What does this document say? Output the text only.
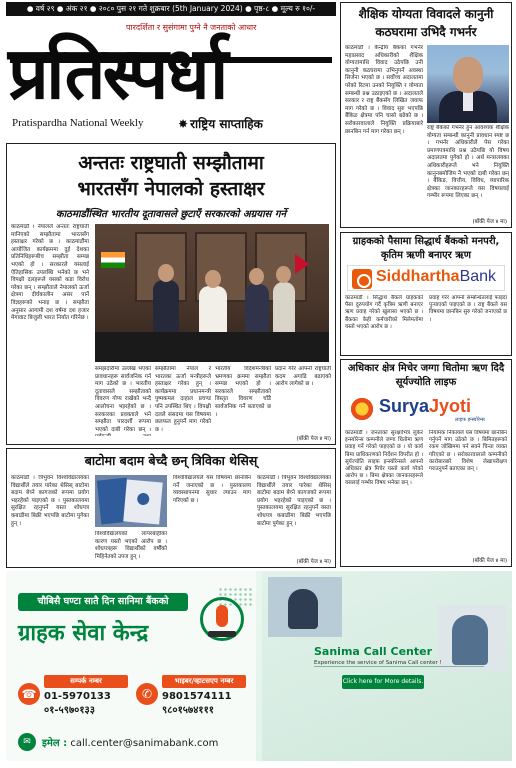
● वर्ष २९ ● अंक २१ ● २०८० पुस २१ गते शुक्रबार (5th January 2024) ● पृष्ठ-८ ● मूल्य रु १०/-
पारदर्शिता र सुसंगामा पुग्ने नै जनताको आधार
प्रतिस्पर्धा
Pratispardha National Weekly	✸ राष्ट्रिय साप्ताहिक
शैक्षिक योग्यता विवादले कानुनी कठघरामा उभिदै गभर्नर
काठमाडौं । केन्द्रीय बैंकका गभर्नर महाप्रसाद अधिकारीको शैक्षिक योग्यतामाथि विवाद उठेपछि उनी कानुनी कठघरामा उभिनुपर्ने अवस्था सिर्जना भएको छ । सर्वोच्च अदालतमा परेको रिटमा उनको नियुक्ति र योग्यता सम्बन्धी प्रश्न उठाइएको छ । अदालतले सरकार र राष्ट्र बैंकसँग लिखित जवाफ माग गरेको छ । विवाद सुरु भएपछि बैंकिङ क्षेत्रमा पनि चासो बढेको छ । सरोकारवालाले नियुक्ति प्रक्रियाबारे छानबिन गर्न माग गरेका छन् ।
राष्ट्र बैंकको गभर्नर हुन आवश्यक शैक्षिक योग्यता सम्बन्धी कानुनी प्रावधान स्पष्ट छ । गभर्नर अधिकारीले पेस गरेका प्रमाणपत्रमाथि प्रश्न उठेपछि यो विषय अदालतमा पुगेको हो । अर्थ मन्त्रालयका अधिकारीहरूले भने नियुक्ति कानुनबमोजिम नै भएको दाबी गरेका छन् । बैंकिङ, वित्तीय, विविध, व्यापारिक क्षेत्रका जानकारहरूले यस विषयलाई गम्भीर रूपमा लिएका छन् ।
(बाँकी पेज ४ मा)
अन्ततः राष्ट्रघाती सम्झौतामा
भारतसँग नेपालको हस्ताक्षर
काठमाडौंस्थित भारतीय दूतावासले छुटाएँ सरकारको अग्रयास गर्ने
काठमाडौं । नेपालले अन्ततः राष्ट्रघाती मानिएको सम्झौतामा भारतसँग हस्ताक्षर गरेको छ । काठमाडौंमा आयोजित कार्यक्रममा दुई देशका प्रतिनिधिहरूबीच सम्झौता सम्पन्न भएको हो । सरकारले यसलाई ऐतिहासिक उपलब्धि भनेको छ भने विपक्षी दलहरूले यसको कडा विरोध गरेका छन् । सम्झौताले नेपालको ऊर्जा क्षेत्रमा दीर्घकालीन असर पार्ने विज्ञहरूको भनाइ छ । सम्झौता अनुसार आगामी दश वर्षमा दश हजार मेगावाट बिजुली भारत निर्यात गरिनेछ ।
समझदारीमा उल्लेख भएका प्रावधानहरू सार्वजनिक गर्न माग उठेको छ । भारतीय दूतावासले सम्झौताको विवरण गोप्य राखेको भन्दै आलोचना भइरहेको छ । सरकारका प्रवक्ताले भने सम्झौता पारदर्शी रूपमा भएको दाबी गरेका छन् ।
सम्झौतामा नेपाल र भारतका ऊर्जा मन्त्रीहरूले हस्ताक्षर गरेका हुन् । कार्यक्रममा प्रधानमन्त्री पुष्पकमल दाहाल प्रचण्ड पनि उपस्थित थिए । विपक्षी दलले संसदमा यस विषयमा छलफल हुनुपर्ने माग गरेको छ ।
भारतीय विदेशमन्त्रीको भ्रमणका क्रममा सम्झौता सम्पन्न भएको हो । सरकारले सम्झौताको विस्तृत विवरण चाँडै सार्वजनिक गर्ने बताएको छ ।
प्रदान गरेर आफ्नो राष्ट्रघाती कदम अगाडि बढाएको आरोप लागेको छ ।
(बाँकी पेज ४ मा)
ग्राहकको पैसामा सिद्धार्थ बैंकको मनपरी, कृतिम ऋणी बनाएर ऋण
SiddharthaBank
काठमाडौं । सिद्धार्थ बैंकले ग्राहकको पैसा दुरुपयोग गर्दै कृत्रिम ऋणी बनाएर ऋण प्रवाह गरेको खुलासा भएको छ । बैंकका केही कर्मचारीको मिलेमतोमा यस्तो भएको आरोप छ ।
प्रवाह गरेर आफ्नो सम्बन्धितलाई फाइदा पुर्‍याएको पाइएको छ । राष्ट्र बैंकले यस विषयमा छानबिन सुरु गरेको जनाएको छ ।
अधिकार क्षेत्र मिचेर जग्गा धितोमा ऋण दिदै सूर्यज्योति लाइफ
SuryaJyoti
लाइफ इन्स्योरेन्स
काठमाडौं । जनताको सुरक्षाभित्र लुकेर इन्स्योरेन्स कम्पनीले जग्गा धितोमा ऋण प्रवाह गर्ने गरेको पाइएको छ । यो कार्य बिमा प्राधिकरणको निर्देशन विपरीत हो । सूर्यज्योति लाइफ इन्स्योरेन्सले आफ्नो अधिकार क्षेत्र मिचेर यस्तो कार्य गरेको आरोप छ । बिमा क्षेत्रका जानकारहरूले यसलाई गम्भीर विषय भनेका छन् ।
नियामक निकायले यस विषयमा छानबिन गर्नुपर्ने माग उठेको छ । बिमितहरूको रकम जोखिममा पर्न सक्ने चिन्ता व्यक्त गरिएको छ । सरोकारवालाले कम्पनीको कारोबारबारे विशेष लेखापरीक्षण गराउनुपर्ने बताएका छन् ।
(बाँकी पेज ४ मा)
बाटोमा बदाम बेच्दै छन् त्रिविका थेसिस्
काठमाडौं । त्रिभुवन विश्वविद्यालयका विद्यार्थीले तयार पारेका थेसिस् बाटोमा बदाम बेच्ने कागजको रूपमा प्रयोग भइरहेको पाइएको छ । पुस्तकालयमा सुरक्षित रहनुपर्ने यस्ता शोधपत्र कबाडीमा बिक्री भएपछि बाटोमा पुगेका हुन् ।
विश्वविद्यालयको लापरबाहीका कारण यस्तो भएको आरोप छ । शोधपत्रहरू विद्यार्थीको वर्षौंको मिहिनेतको उपज हुन् ।
विश्वविद्यालयले यस विषयमा छानबिन गर्ने जनाएको छ । पुस्तकालय व्यवस्थापनमा सुधार ल्याउन माग गरिएको छ ।
काठमाडौं । त्रिभुवन विश्वविद्यालयका विद्यार्थीले तयार पारेका थेसिस् बाटोमा बदाम बेच्ने कागजको रूपमा प्रयोग भइरहेको पाइएको छ । पुस्तकालयमा सुरक्षित रहनुपर्ने यस्ता शोधपत्र कबाडीमा बिक्री भएपछि बाटोमा पुगेका हुन् ।
(बाँकी पेज ४ मा)
चौबिसै घण्टा सातै दिन सानिमा बैंकको
ग्राहक सेवा केन्द्र
☎
सम्पर्क नम्बर
01-5970133
०१-५९७०१३३
✆
भाइबर/व्हाटसएप नम्बर
9801574111
९८०१५७४१११
✉	इमेल : call.center@sanimabank.com
Sanima Call Center
Experience the service of Sanima Call center !
Click here for More details.
